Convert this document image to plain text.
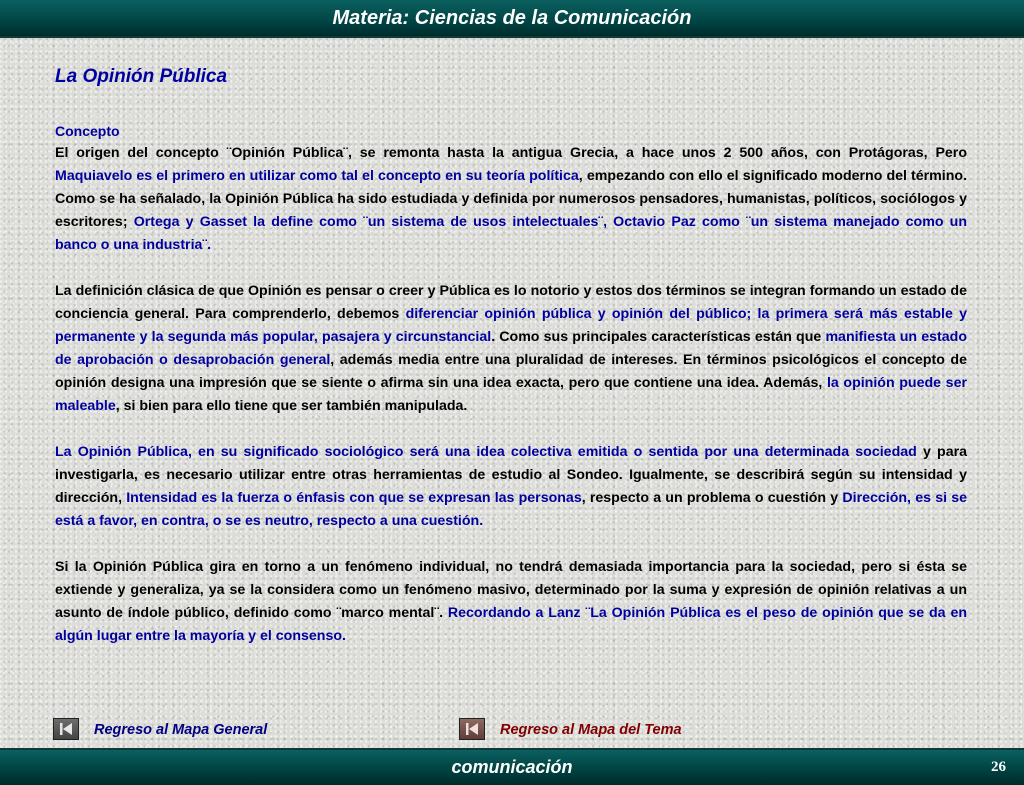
Materia: Ciencias de la Comunicación
La Opinión Pública
Concepto

El origen del concepto ¨Opinión Pública¨, se remonta hasta la antigua Grecia, a hace unos 2 500 años, con Protágoras, Pero Maquiavelo es el primero en utilizar como tal el concepto en su teoría política, empezando con ello el significado moderno del término. Como se ha señalado, la Opinión Pública ha sido estudiada y definida por numerosos pensadores, humanistas, políticos, sociólogos y escritores; Ortega y Gasset la define como ¨un sistema de usos intelectuales¨, Octavio Paz como ¨un sistema manejado como un banco o una industria¨.

La definición clásica de que Opinión es pensar o creer y Pública es lo notorio y estos dos términos se integran formando un estado de conciencia general. Para comprenderlo, debemos diferenciar opinión pública y opinión del público; la primera será más estable y permanente y la segunda más popular, pasajera y circunstancial. Como sus principales características están que manifiesta un estado de aprobación o desaprobación general, además media entre una pluralidad de intereses. En términos psicológicos el concepto de opinión designa una impresión que se siente o afirma sin una idea exacta, pero que contiene una idea. Además, la opinión puede ser maleable, si bien para ello tiene que ser también manipulada.

La Opinión Pública, en su significado sociológico será una idea colectiva emitida o sentida por una determinada sociedad y para investigarla, es necesario utilizar entre otras herramientas de estudio al Sondeo. Igualmente, se describirá según su intensidad y dirección, Intensidad es la fuerza o énfasis con que se expresan las personas, respecto a un problema o cuestión y Dirección, es si se está a favor, en contra, o se es neutro, respecto a una cuestión.

Si la Opinión Pública gira en torno a un fenómeno individual, no tendrá demasiada importancia para la sociedad, pero si ésta se extiende y generaliza, ya se la considera como un fenómeno masivo, determinado por la suma y expresión de opinión relativas a un asunto de índole público, definido como ¨marco mental¨. Recordando a Lanz ¨La Opinión Pública es el peso de opinión que se da en algún lugar entre la mayoría y el consenso.

Regreso al Mapa General	Regreso al Mapa del Tema
comunicación	26
